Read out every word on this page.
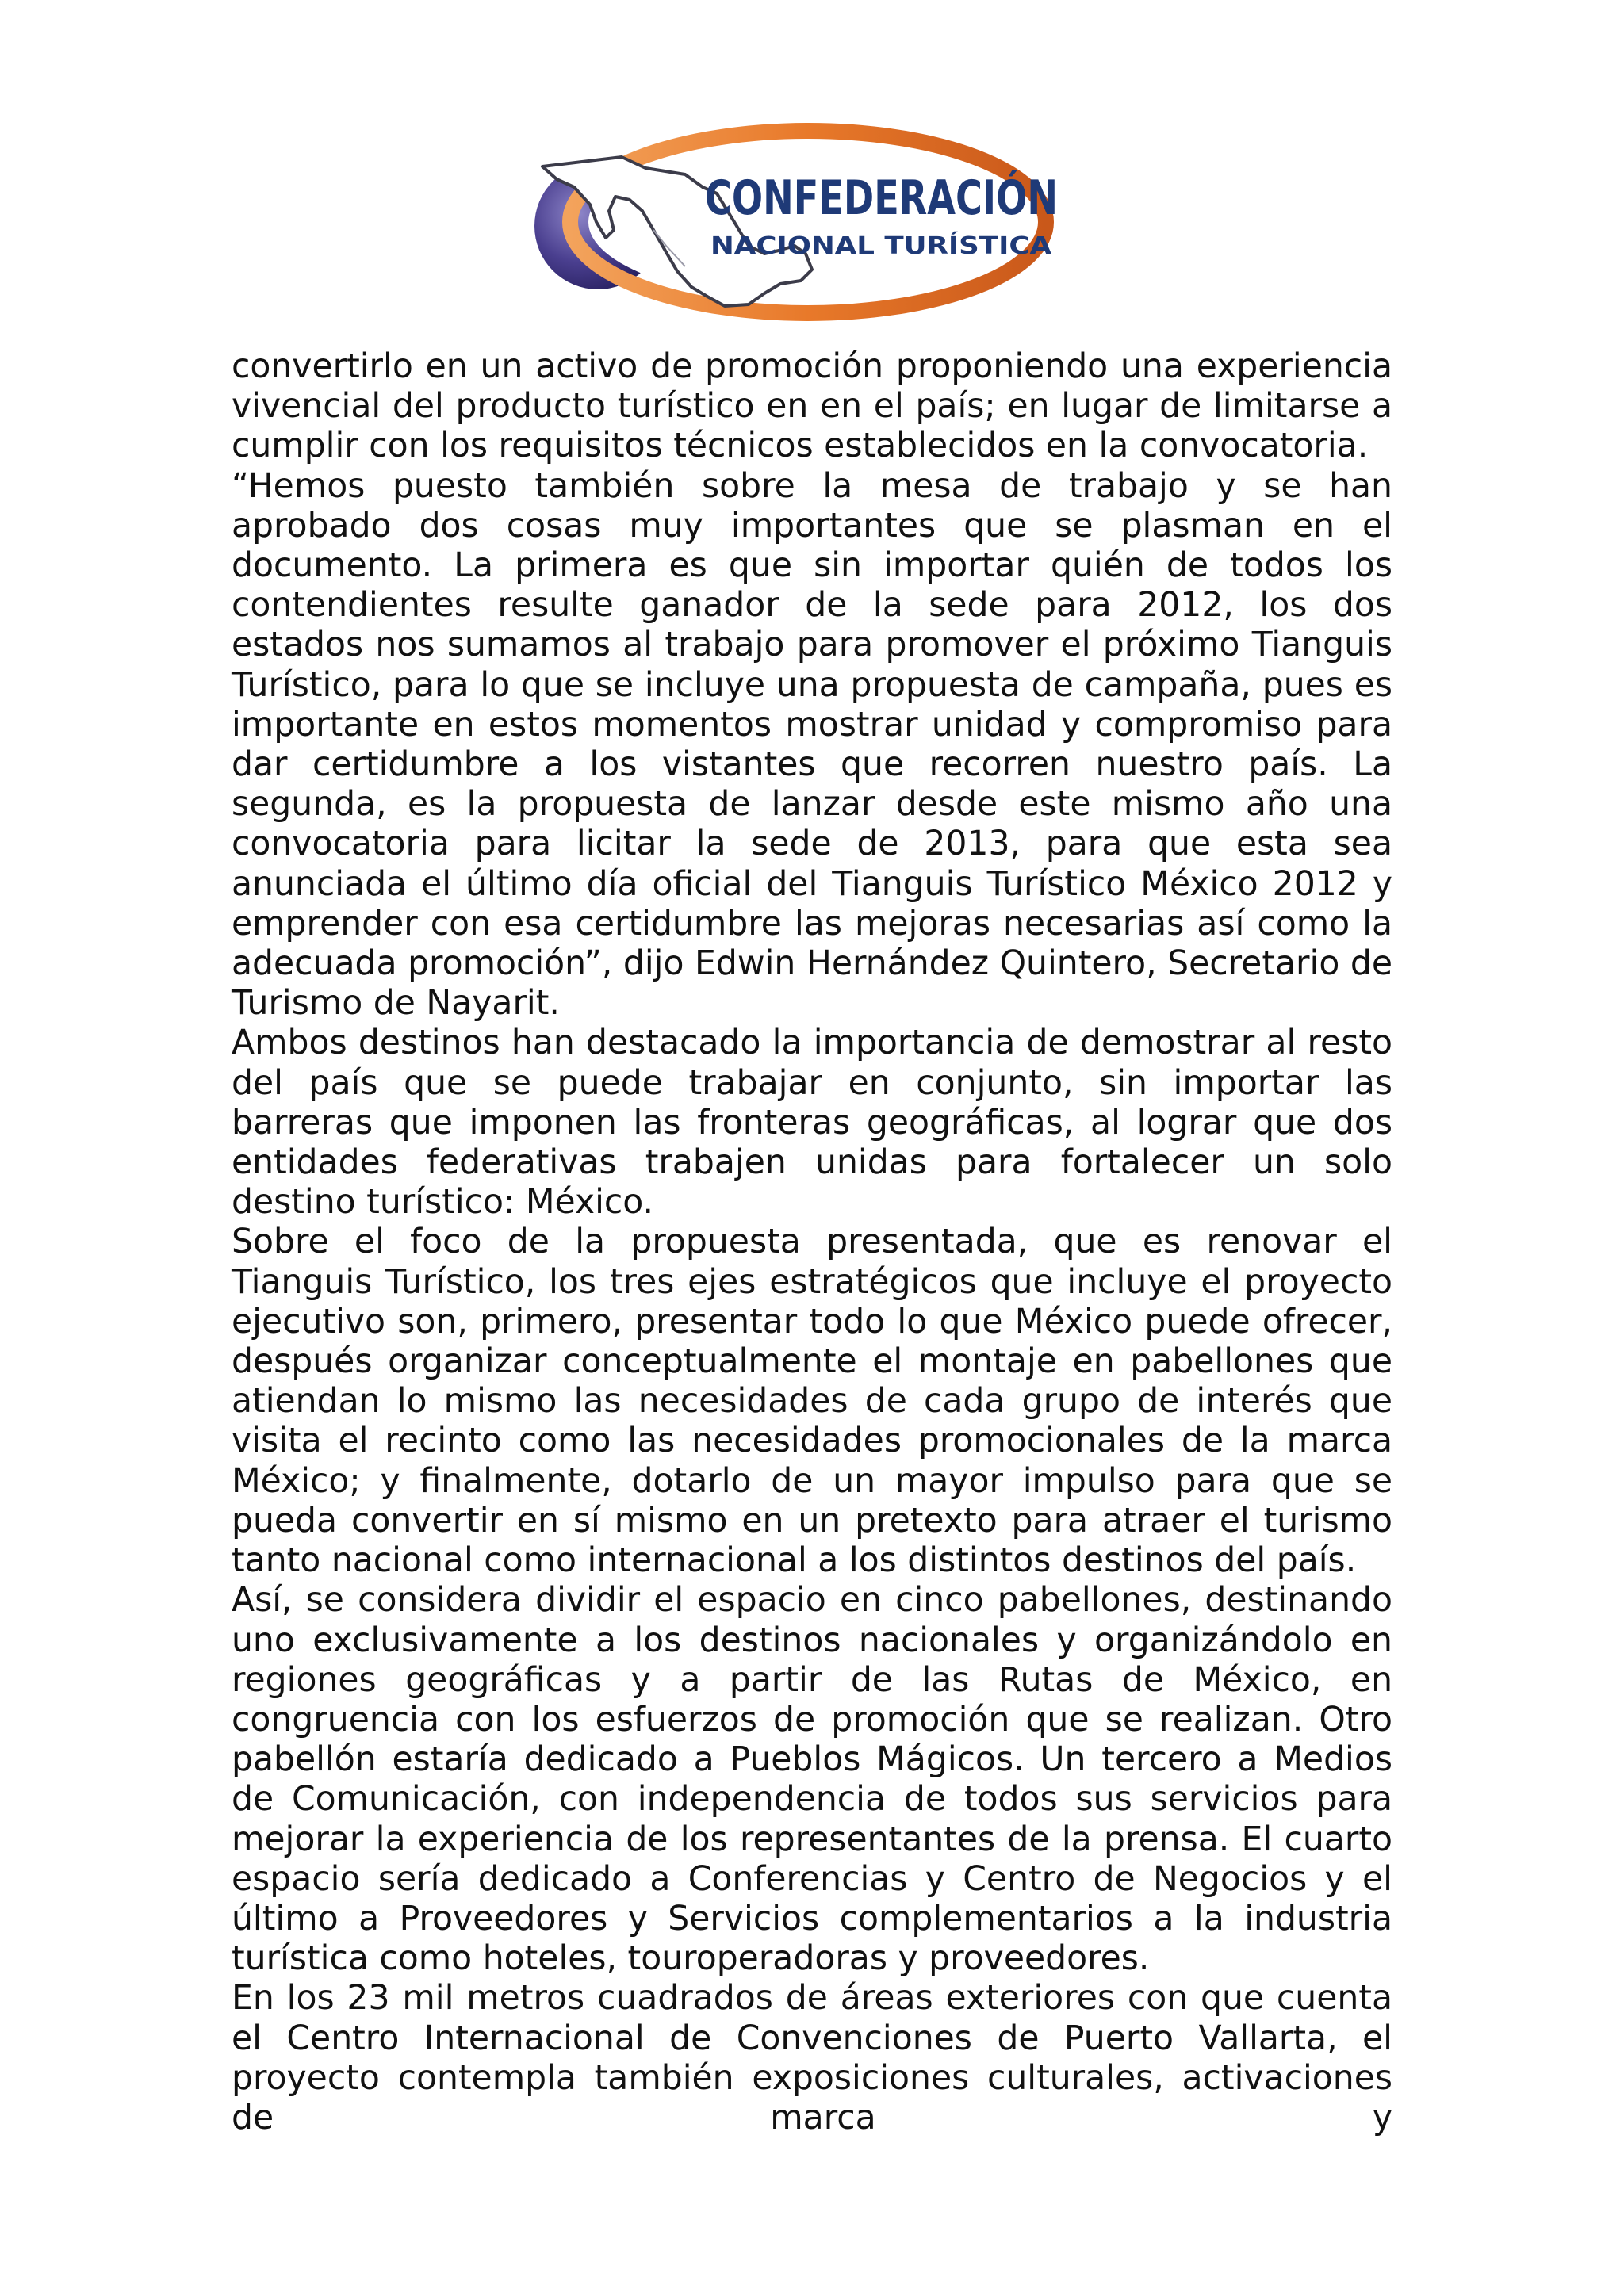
CONFEDERACIÓN
NACIONAL TURÍSTICA

convertirlo en un activo de promoción proponiendo una experiencia vivencial del producto turístico en en el país; en lugar de limitarse a cumplir con los requisitos técnicos establecidos en la convocatoria.

“Hemos puesto también sobre la mesa de trabajo y se han aprobado dos cosas muy importantes que se plasman en el documento. La primera es que sin importar quién de todos los contendientes resulte ganador de la sede para 2012, los dos estados nos sumamos al trabajo para promover el próximo Tianguis Turístico, para lo que se incluye una propuesta de campaña, pues es importante en estos momentos mostrar unidad y compromiso para dar certidumbre a los vistantes que recorren nuestro país. La segunda, es la propuesta de lanzar desde este mismo año una convocatoria para licitar la sede de 2013, para que esta sea anunciada el último día oficial del Tianguis Turístico México 2012 y emprender con esa certidumbre las mejoras necesarias así como la adecuada promoción”, dijo Edwin Hernández Quintero, Secretario de Turismo de Nayarit.

Ambos destinos han destacado la importancia de demostrar al resto del país que se puede trabajar en conjunto, sin importar las barreras que imponen las fronteras geográficas, al lograr que dos entidades federativas trabajen unidas para fortalecer un solo destino turístico: México.

Sobre el foco de la propuesta presentada, que es renovar el Tianguis Turístico, los tres ejes estratégicos que incluye el proyecto ejecutivo son, primero, presentar todo lo que México puede ofrecer, después organizar conceptualmente el montaje en pabellones que atiendan lo mismo las necesidades de cada grupo de interés que visita el recinto como las necesidades promocionales de la marca México; y finalmente, dotarlo de un mayor impulso para que se pueda convertir en sí mismo en un pretexto para atraer el turismo tanto nacional como internacional a los distintos destinos del país.

Así, se considera dividir el espacio en cinco pabellones, destinando uno exclusivamente a los destinos nacionales y organizándolo en regiones geográficas y a partir de las Rutas de México, en congruencia con los esfuerzos de promoción que se realizan. Otro pabellón estaría dedicado a Pueblos Mágicos. Un tercero a Medios de Comunicación, con independencia de todos sus servicios para mejorar la experiencia de los representantes de la prensa. El cuarto espacio sería dedicado a Conferencias y Centro de Negocios y el último a Proveedores y Servicios complementarios a la industria turística como hoteles, touroperadoras y proveedores.

En los 23 mil metros cuadrados de áreas exteriores con que cuenta el Centro Internacional de Convenciones de Puerto Vallarta, el proyecto contempla también exposiciones culturales, activaciones de marca y
